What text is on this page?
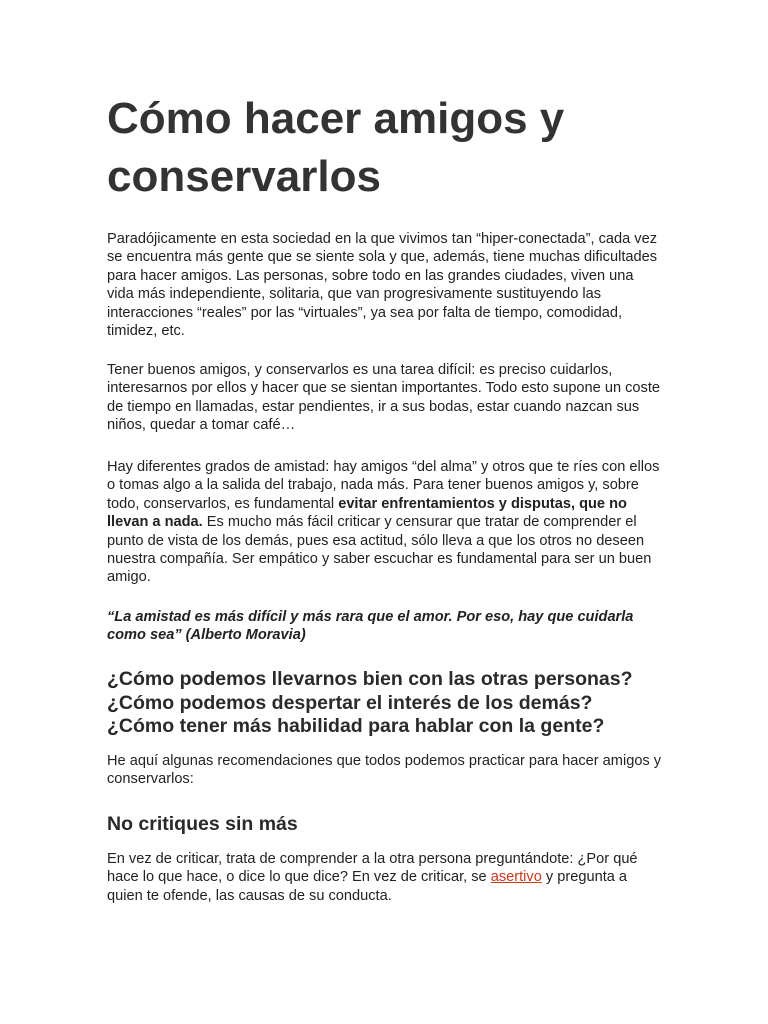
Cómo hacer amigos y conservarlos

Paradójicamente en esta sociedad en la que vivimos tan “hiper-conectada”, cada vez se encuentra más gente que se siente sola y que, además, tiene muchas dificultades para hacer amigos. Las personas, sobre todo en las grandes ciudades, viven una vida más independiente, solitaria, que van progresivamente sustituyendo las interacciones “reales” por las “virtuales”, ya sea por falta de tiempo, comodidad, timidez, etc.

Tener buenos amigos, y conservarlos es una tarea difícil: es preciso cuidarlos, interesarnos por ellos y hacer que se sientan importantes. Todo esto supone un coste de tiempo en llamadas, estar pendientes, ir a sus bodas, estar cuando nazcan sus niños, quedar a tomar café…

Hay diferentes grados de amistad: hay amigos “del alma” y otros que te ríes con ellos o tomas algo a la salida del trabajo, nada más. Para tener buenos amigos y, sobre todo, conservarlos, es fundamental evitar enfrentamientos y disputas, que no llevan a nada. Es mucho más fácil criticar y censurar que tratar de comprender el punto de vista de los demás, pues esa actitud, sólo lleva a que los otros no deseen nuestra compañía. Ser empático y saber escuchar es fundamental para ser un buen amigo.

“La amistad es más difícil y más rara que el amor. Por eso, hay que cuidarla como sea” (Alberto Moravia)

¿Cómo podemos llevarnos bien con las otras personas? ¿Cómo podemos despertar el interés de los demás? ¿Cómo tener más habilidad para hablar con la gente?

He aquí algunas recomendaciones que todos podemos practicar para hacer amigos y conservarlos:

No critiques sin más

En vez de criticar, trata de comprender a la otra persona preguntándote: ¿Por qué hace lo que hace, o dice lo que dice? En vez de criticar, se asertivo y pregunta a quien te ofende, las causas de su conducta.
